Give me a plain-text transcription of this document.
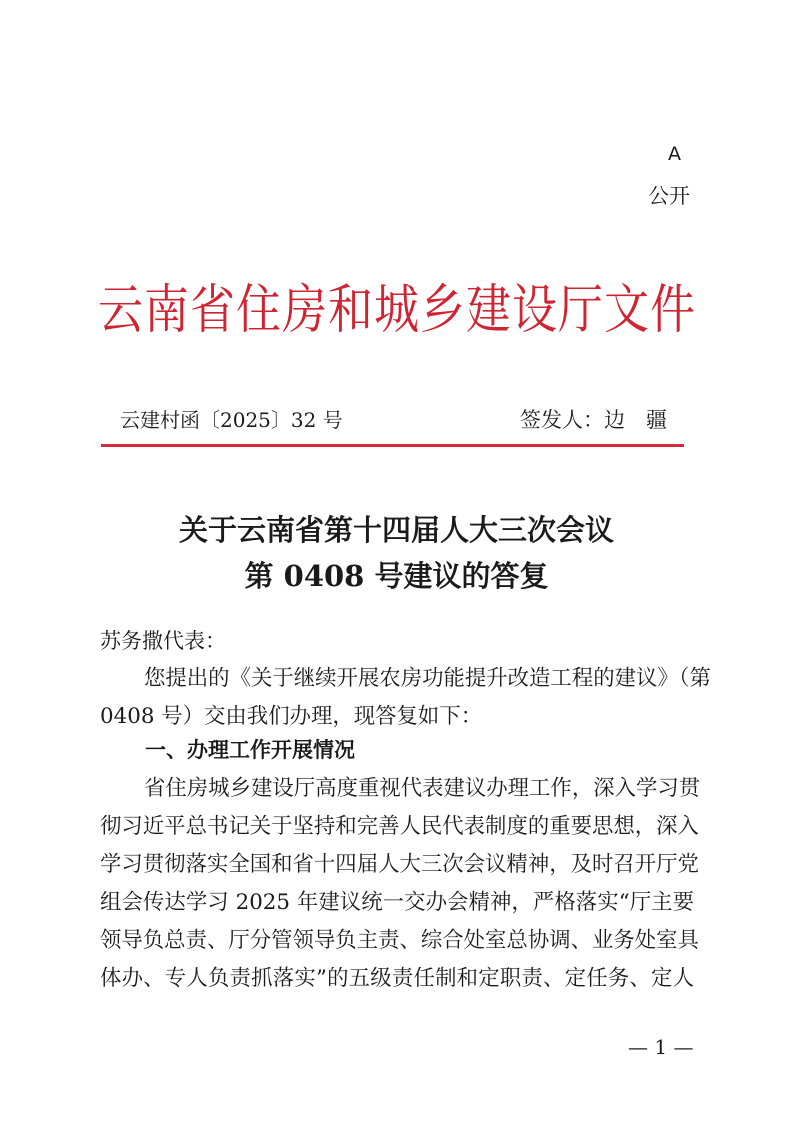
A
公开
云南省住房和城乡建设厅文件
云建村函〔2025〕32 号	签发人：边　疆
关于云南省第十四届人大三次会议
第 0408 号建议的答复
苏务撒代表：
您提出的《关于继续开展农房功能提升改造工程的建议》（第
0408 号）交由我们办理，现答复如下：
一、办理工作开展情况
省住房城乡建设厅高度重视代表建议办理工作，深入学习贯
彻习近平总书记关于坚持和完善人民代表制度的重要思想，深入
学习贯彻落实全国和省十四届人大三次会议精神，及时召开厅党
组会传达学习 2025 年建议统一交办会精神，严格落实“厅主要
领导负总责、厅分管领导负主责、综合处室总协调、业务处室具
体办、专人负责抓落实”的五级责任制和定职责、定任务、定人
— 1 —
